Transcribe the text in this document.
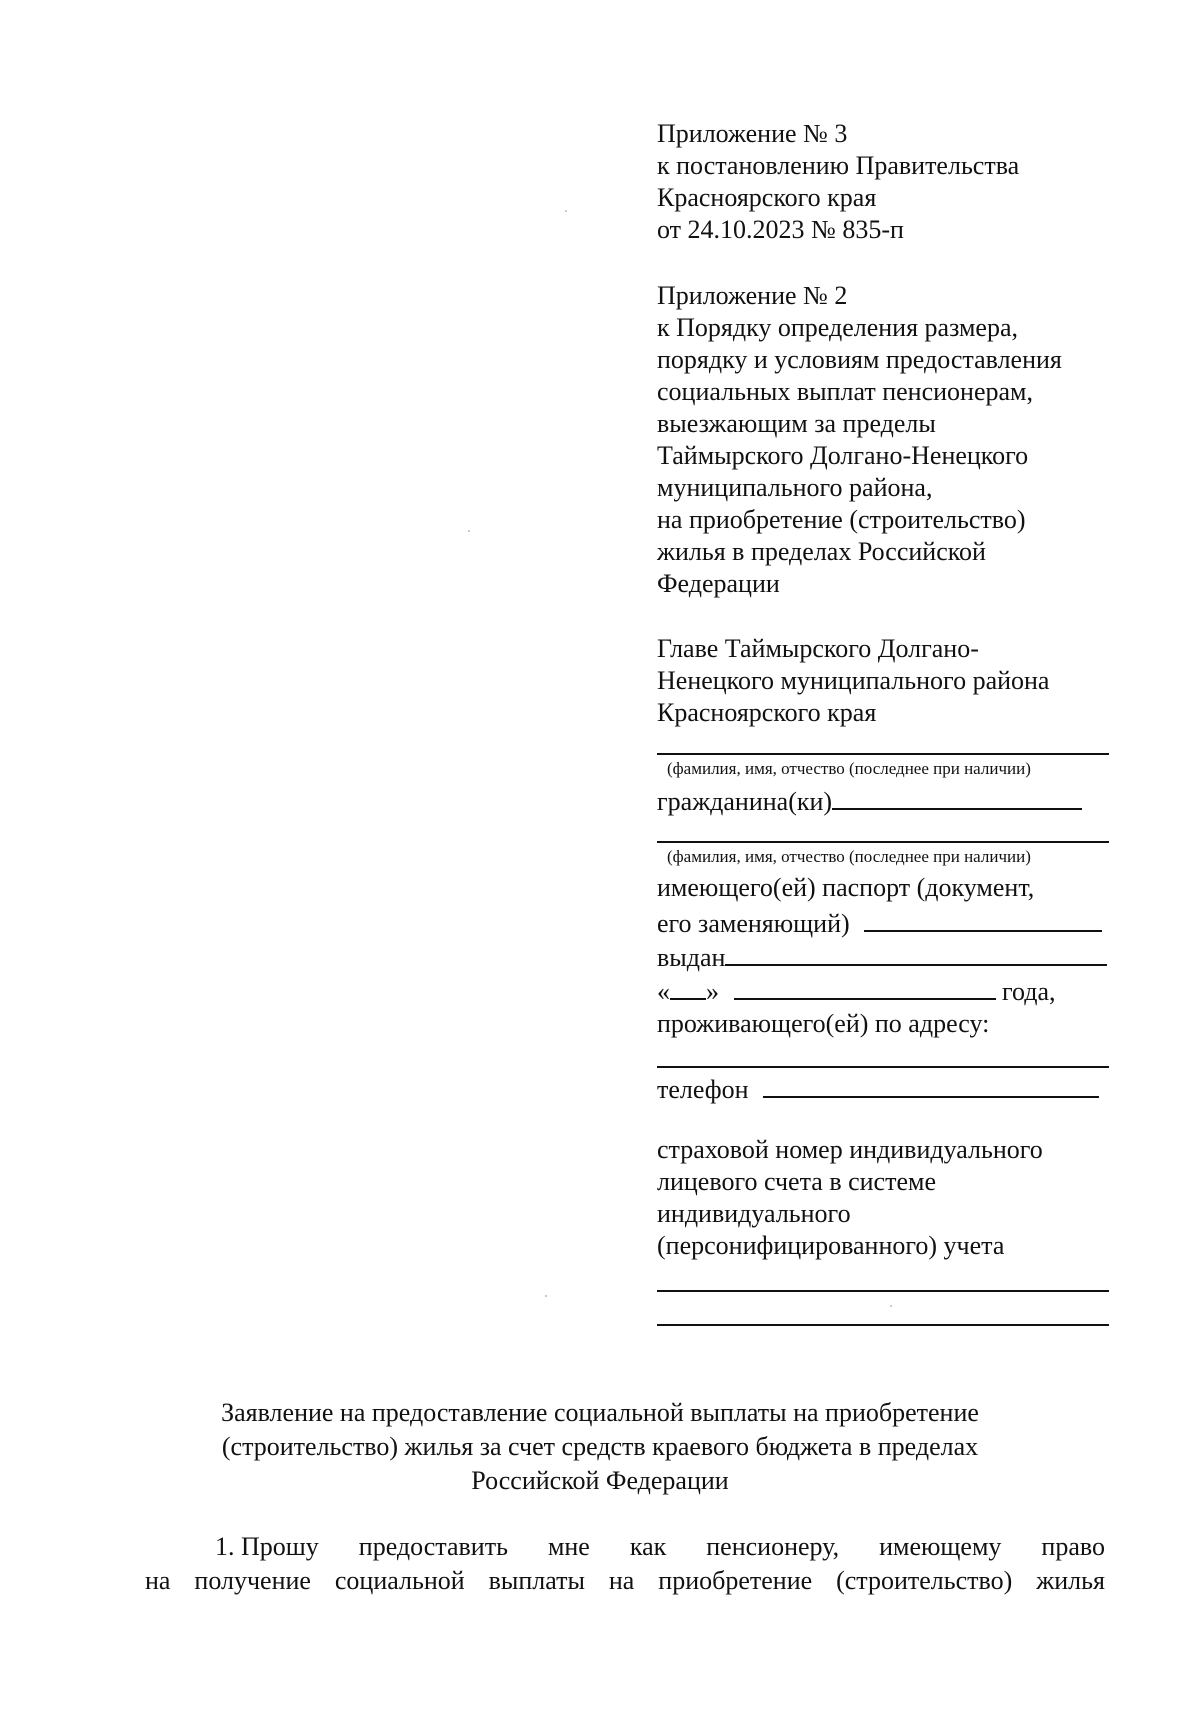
Приложение № 3
к постановлению Правительства
Красноярского края
от 24.10.2023 № 835-п
Приложение № 2
к Порядку определения размера,
порядку и условиям предоставления
социальных выплат пенсионерам,
выезжающим за пределы
Таймырского Долгано-Ненецкого
муниципального района,
на приобретение (строительство)
жилья в пределах Российской
Федерации
Главе Таймырского Долгано-
Ненецкого муниципального района
Красноярского края
(фамилия, имя, отчество (последнее при наличии)
гражданина(ки)
(фамилия, имя, отчество (последнее при наличии)
имеющего(ей) паспорт (документ,
его заменяющий)
выдан
« »	года,
проживающего(ей) по адресу:
телефон
страховой номер индивидуального
лицевого счета в системе
индивидуального
(персонифицированного) учета
Заявление на предоставление социальной выплаты на приобретение
(строительство) жилья за счет средств краевого бюджета в пределах
Российской Федерации
1. Прошу предоставить мне как пенсионеру, имеющему право
на получение социальной выплаты на приобретение (строительство) жилья
